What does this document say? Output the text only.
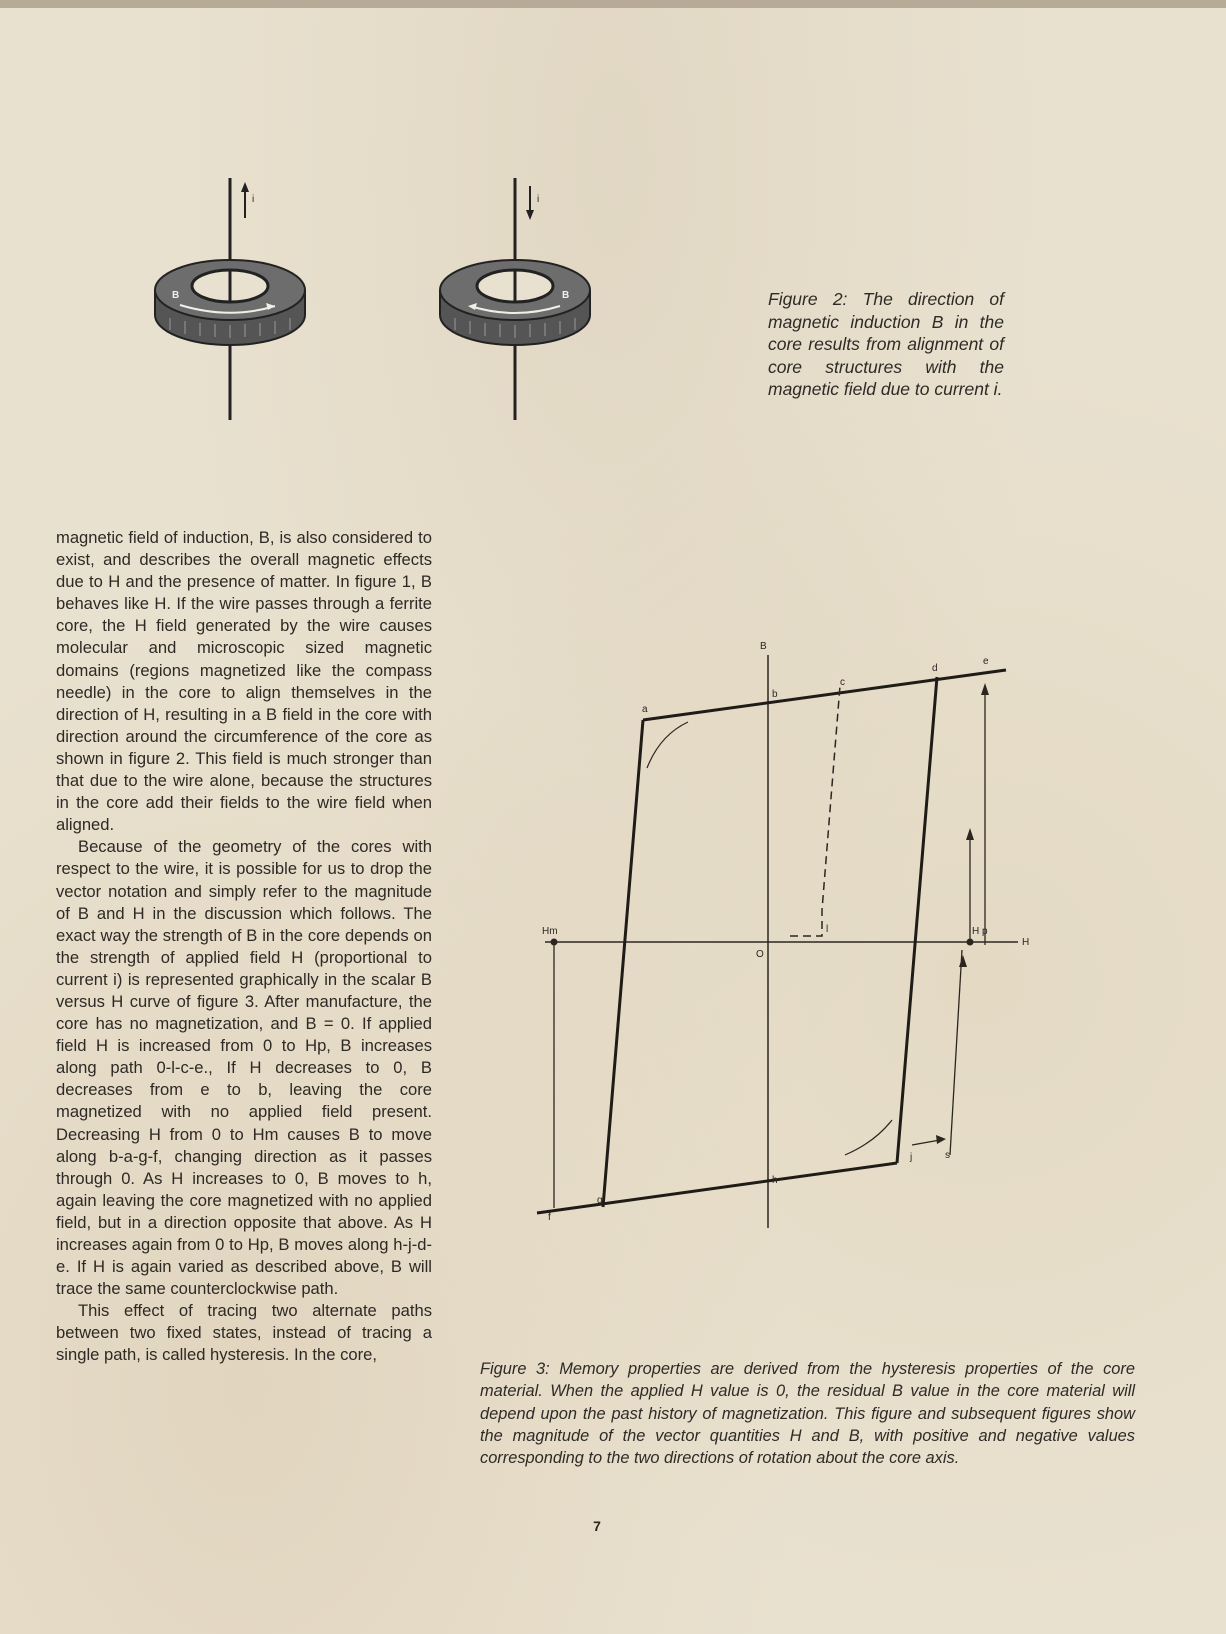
B
i
B
i
Figure 2: The direction of magnetic induction B in the core results from alignment of core structures with the magnetic field due to current i.

magnetic field of induction, B, is also considered to exist, and describes the overall magnetic effects due to H and the presence of matter. In figure 1, B behaves like H. If the wire passes through a ferrite core, the H field generated by the wire causes molecular and microscopic sized magnetic domains (regions magnetized like the compass needle) in the core to align themselves in the direction of H, resulting in a B field in the core with direction around the circumference of the core as shown in figure 2. This field is much stronger than that due to the wire alone, because the structures in the core add their fields to the wire field when aligned.

Because of the geometry of the cores with respect to the wire, it is possible for us to drop the vector notation and simply refer to the magnitude of B and H in the discussion which follows. The exact way the strength of B in the core depends on the strength of applied field H (proportional to current i) is represented graphically in the scalar B versus H curve of figure 3. After manufacture, the core has no magnetization, and B = 0. If applied field H is increased from 0 to Hp, B increases along path 0-l-c-e., If H decreases to 0, B decreases from e to b, leaving the core magnetized with no applied field present. Decreasing H from 0 to Hm causes B to move along b-a-g-f, changing direction as it passes through 0. As H increases to 0, B moves to h, again leaving the core magnetized with no applied field, but in a direction opposite that above. As H increases again from 0 to Hp, B moves along h-j-d-e. If H is again varied as described above, B will trace the same counterclockwise path.

This effect of tracing two alternate paths between two fixed states, instead of tracing a single path, is called hysteresis. In the core,

B
H
O
Hm	H p
a
b
c
d
e
f
g
h
j
l
s
Figure 3: Memory properties are derived from the hysteresis properties of the core material. When the applied H value is 0, the residual B value in the core material will depend upon the past history of magnetization. This figure and subsequent figures show the magnitude of the vector quantities H and B, with positive and negative values corresponding to the two directions of rotation about the core axis.
7
